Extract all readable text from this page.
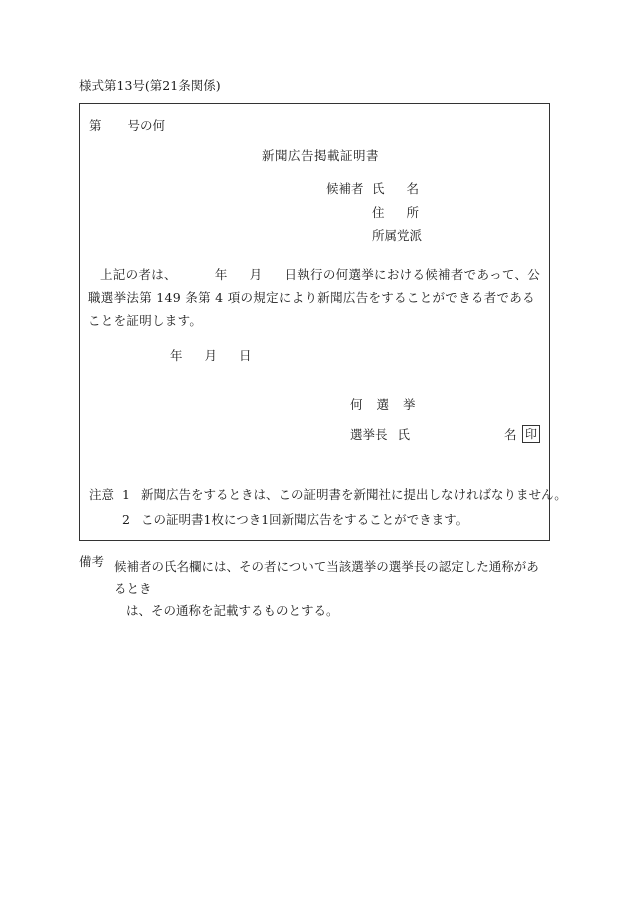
様式第13号(第21条関係)
第 号の何
新聞広告掲載証明書
候補者 氏名
住所
所属党派
上記の者は、	年 月 日執行の何選挙における候補者であって、公職選挙法第 149 条第 4 項の規定により新聞広告をすることができる者であることを証明します。
年 月 日
何選挙
選挙長 氏	名 印
注意 1 新聞広告をするときは、この証明書を新聞社に提出しなければなりません。
2 この証明書1枚につき1回新聞広告をすることができます。
備考 候補者の氏名欄には、その者について当該選挙の選挙長の認定した通称があるとき
は、その通称を記載するものとする。
